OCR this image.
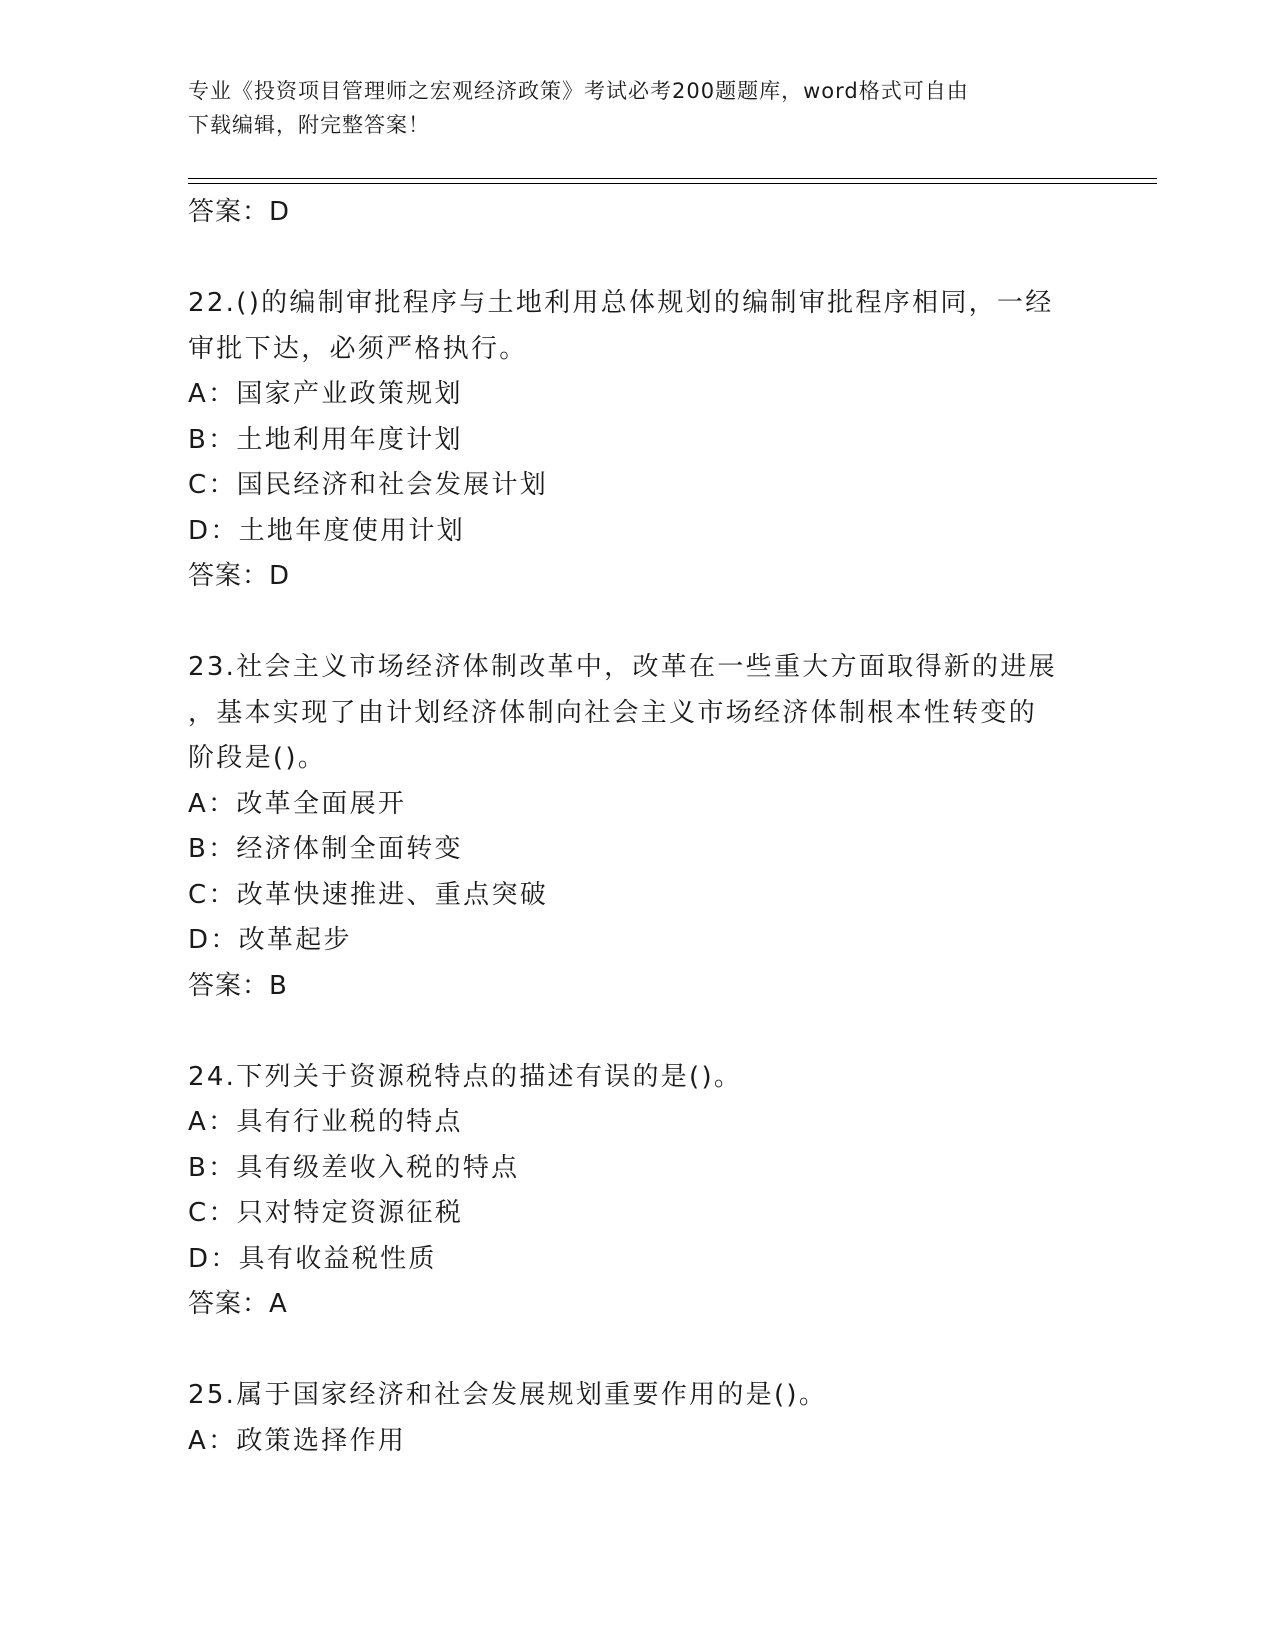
专业《投资项目管理师之宏观经济政策》考试必考200题题库，word格式可自由
下载编辑，附完整答案！
答案：D
22.()的编制审批程序与土地利用总体规划的编制审批程序相同，一经
审批下达，必须严格执行。
A：国家产业政策规划
B：土地利用年度计划
C：国民经济和社会发展计划
D：土地年度使用计划
答案：D
23.社会主义市场经济体制改革中，改革在一些重大方面取得新的进展
，基本实现了由计划经济体制向社会主义市场经济体制根本性转变的
阶段是()。
A：改革全面展开
B：经济体制全面转变
C：改革快速推进、重点突破
D：改革起步
答案：B
24.下列关于资源税特点的描述有误的是()。
A：具有行业税的特点
B：具有级差收入税的特点
C：只对特定资源征税
D：具有收益税性质
答案：A
25.属于国家经济和社会发展规划重要作用的是()。
A：政策选择作用
